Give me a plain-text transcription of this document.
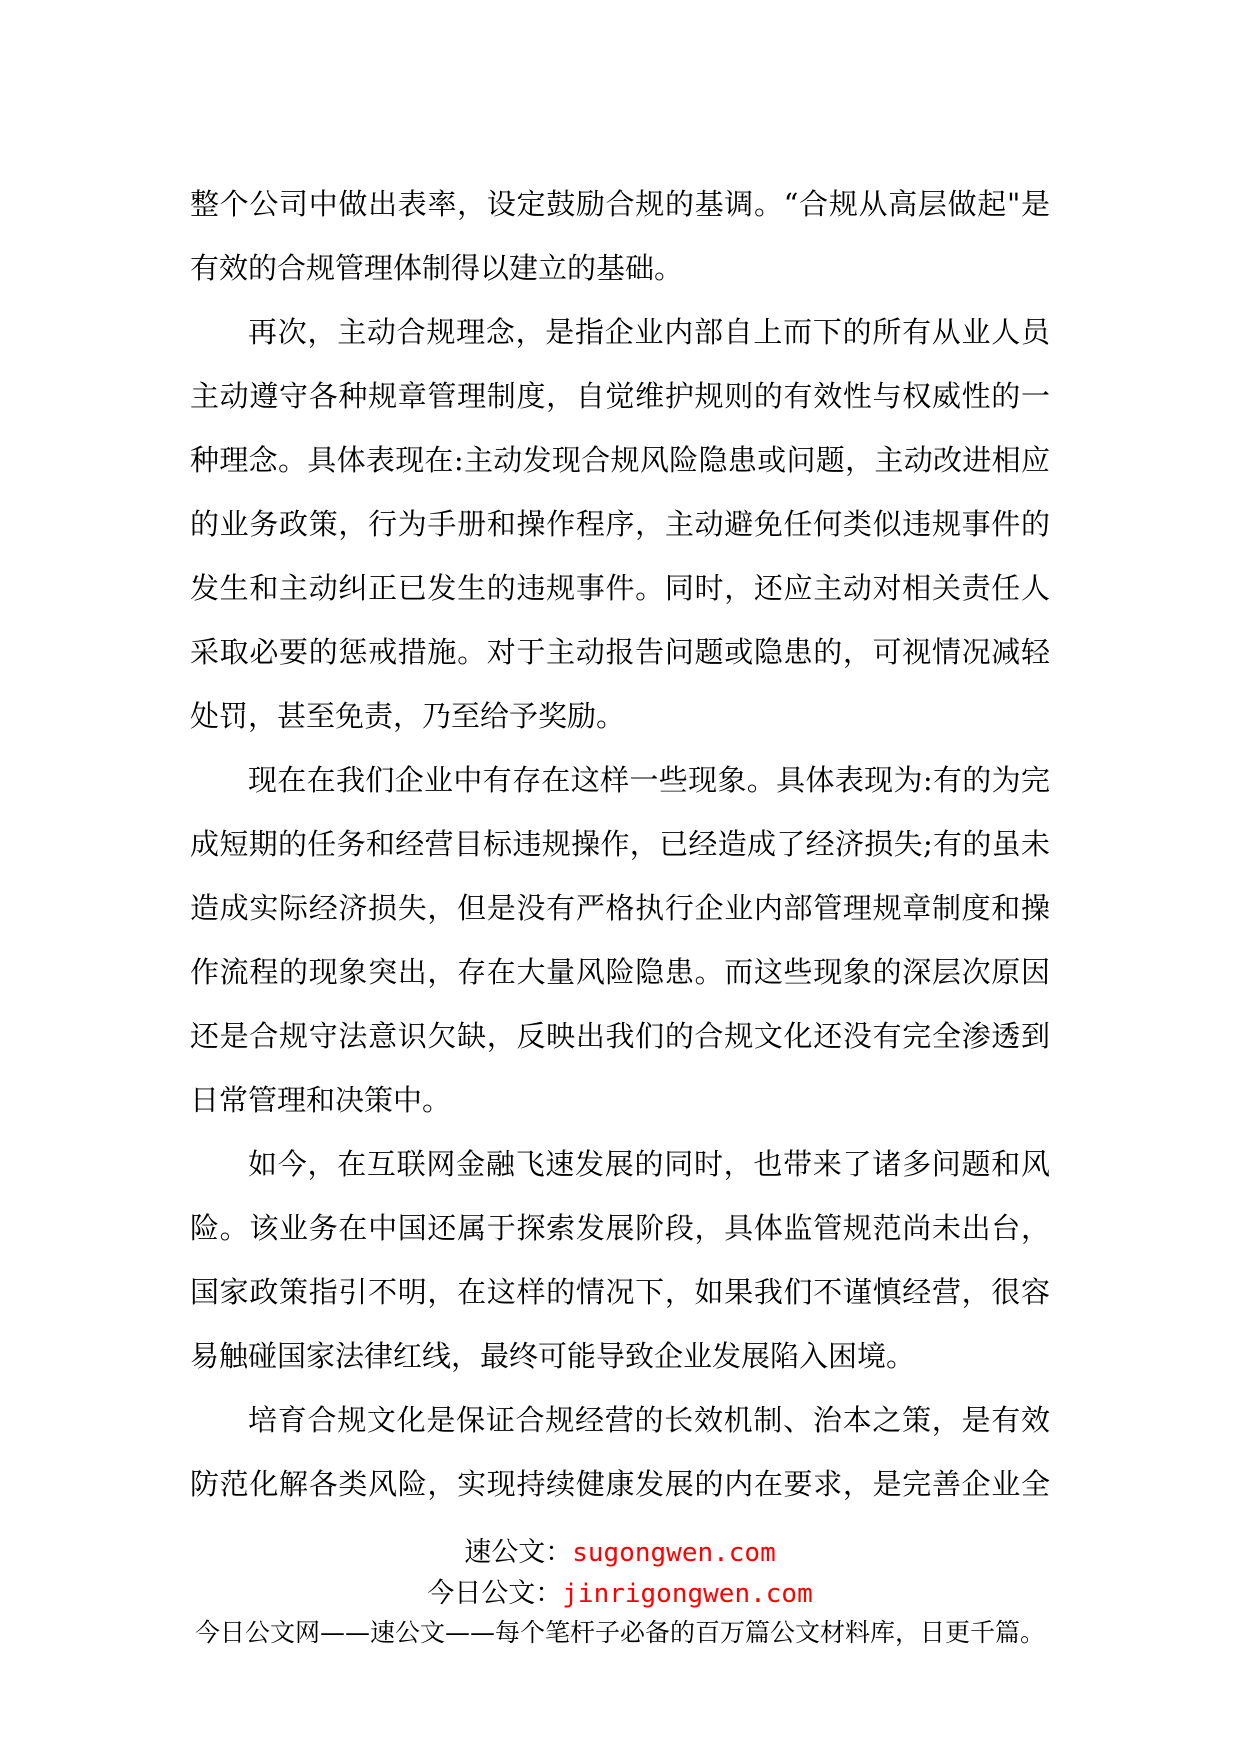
整个公司中做出表率，设定鼓励合规的基调。“合规从高层做起"是
有效的合规管理体制得以建立的基础。
再次，主动合规理念，是指企业内部自上而下的所有从业人员
主动遵守各种规章管理制度，自觉维护规则的有效性与权威性的一
种理念。具体表现在:主动发现合规风险隐患或问题，主动改进相应
的业务政策，行为手册和操作程序，主动避免任何类似违规事件的
发生和主动纠正已发生的违规事件。同时，还应主动对相关责任人
采取必要的惩戒措施。对于主动报告问题或隐患的，可视情况减轻
处罚，甚至免责，乃至给予奖励。
现在在我们企业中有存在这样一些现象。具体表现为:有的为完
成短期的任务和经营目标违规操作，已经造成了经济损失;有的虽未
造成实际经济损失，但是没有严格执行企业内部管理规章制度和操
作流程的现象突出，存在大量风险隐患。而这些现象的深层次原因
还是合规守法意识欠缺，反映出我们的合规文化还没有完全渗透到
日常管理和决策中。
如今，在互联网金融飞速发展的同时，也带来了诸多问题和风
险。该业务在中国还属于探索发展阶段，具体监管规范尚未出台，
国家政策指引不明，在这样的情况下，如果我们不谨慎经营，很容
易触碰国家法律红线，最终可能导致企业发展陷入困境。
培育合规文化是保证合规经营的长效机制、治本之策，是有效
防范化解各类风险，实现持续健康发展的内在要求，是完善企业全
速公文：sugongwen.com
今日公文：jinrigongwen.com
今日公文网——速公文——每个笔杆子必备的百万篇公文材料库，日更千篇。
